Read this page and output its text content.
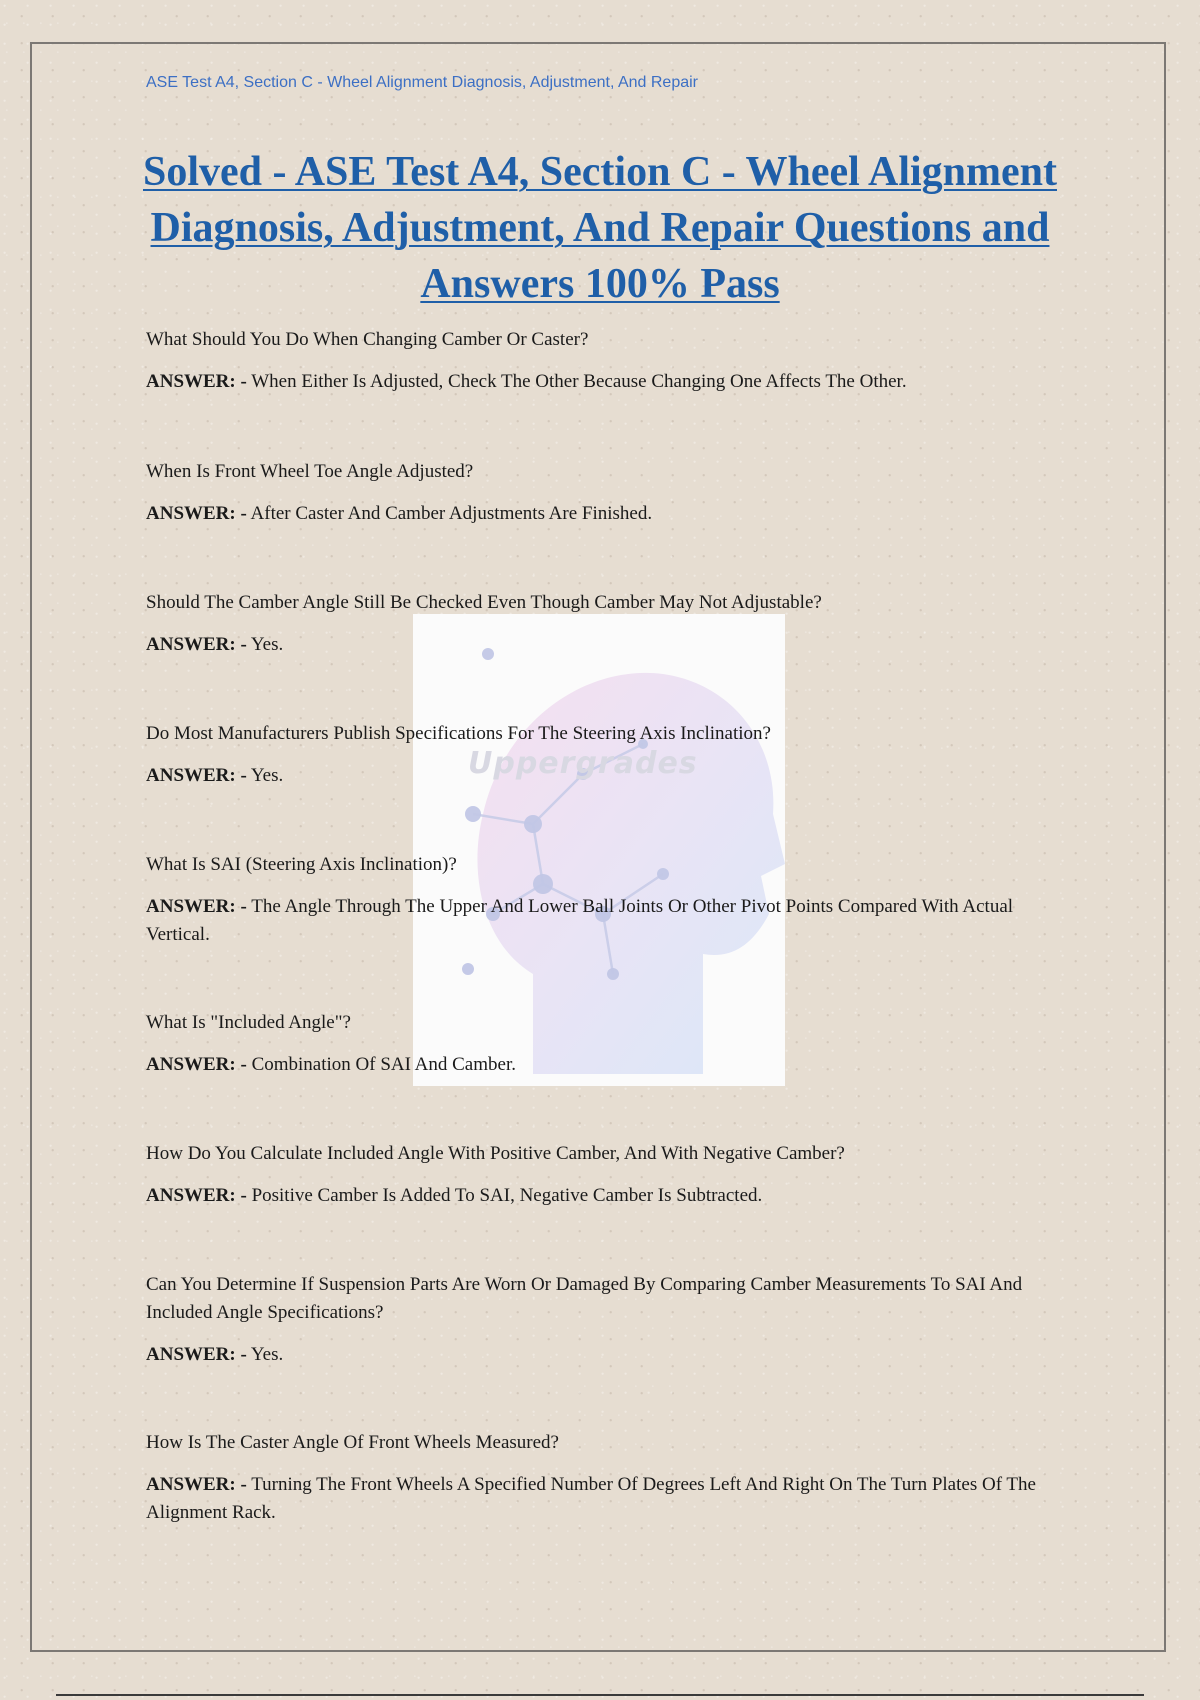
ASE Test A4, Section C - Wheel Alignment Diagnosis, Adjustment, And Repair
Solved - ASE Test A4, Section C - Wheel Alignment Diagnosis, Adjustment, And Repair Questions and Answers 100% Pass
Uppergrades

What Should You Do When Changing Camber Or Caster?

ANSWER: - When Either Is Adjusted, Check The Other Because Changing One Affects The Other.

When Is Front Wheel Toe Angle Adjusted?

ANSWER: - After Caster And Camber Adjustments Are Finished.

Should The Camber Angle Still Be Checked Even Though Camber May Not Adjustable?

ANSWER: - Yes.

Do Most Manufacturers Publish Specifications For The Steering Axis Inclination?

ANSWER: - Yes.

What Is SAI (Steering Axis Inclination)?

ANSWER: - The Angle Through The Upper And Lower Ball Joints Or Other Pivot Points Compared With Actual Vertical.

What Is "Included Angle"?

ANSWER: - Combination Of SAI And Camber.

How Do You Calculate Included Angle With Positive Camber, And With Negative Camber?

ANSWER: - Positive Camber Is Added To SAI, Negative Camber Is Subtracted.

Can You Determine If Suspension Parts Are Worn Or Damaged By Comparing Camber Measurements To SAI And Included Angle Specifications?

ANSWER: - Yes.

How Is The Caster Angle Of Front Wheels Measured?

ANSWER: - Turning The Front Wheels A Specified Number Of Degrees Left And Right On The Turn Plates Of The Alignment Rack.
